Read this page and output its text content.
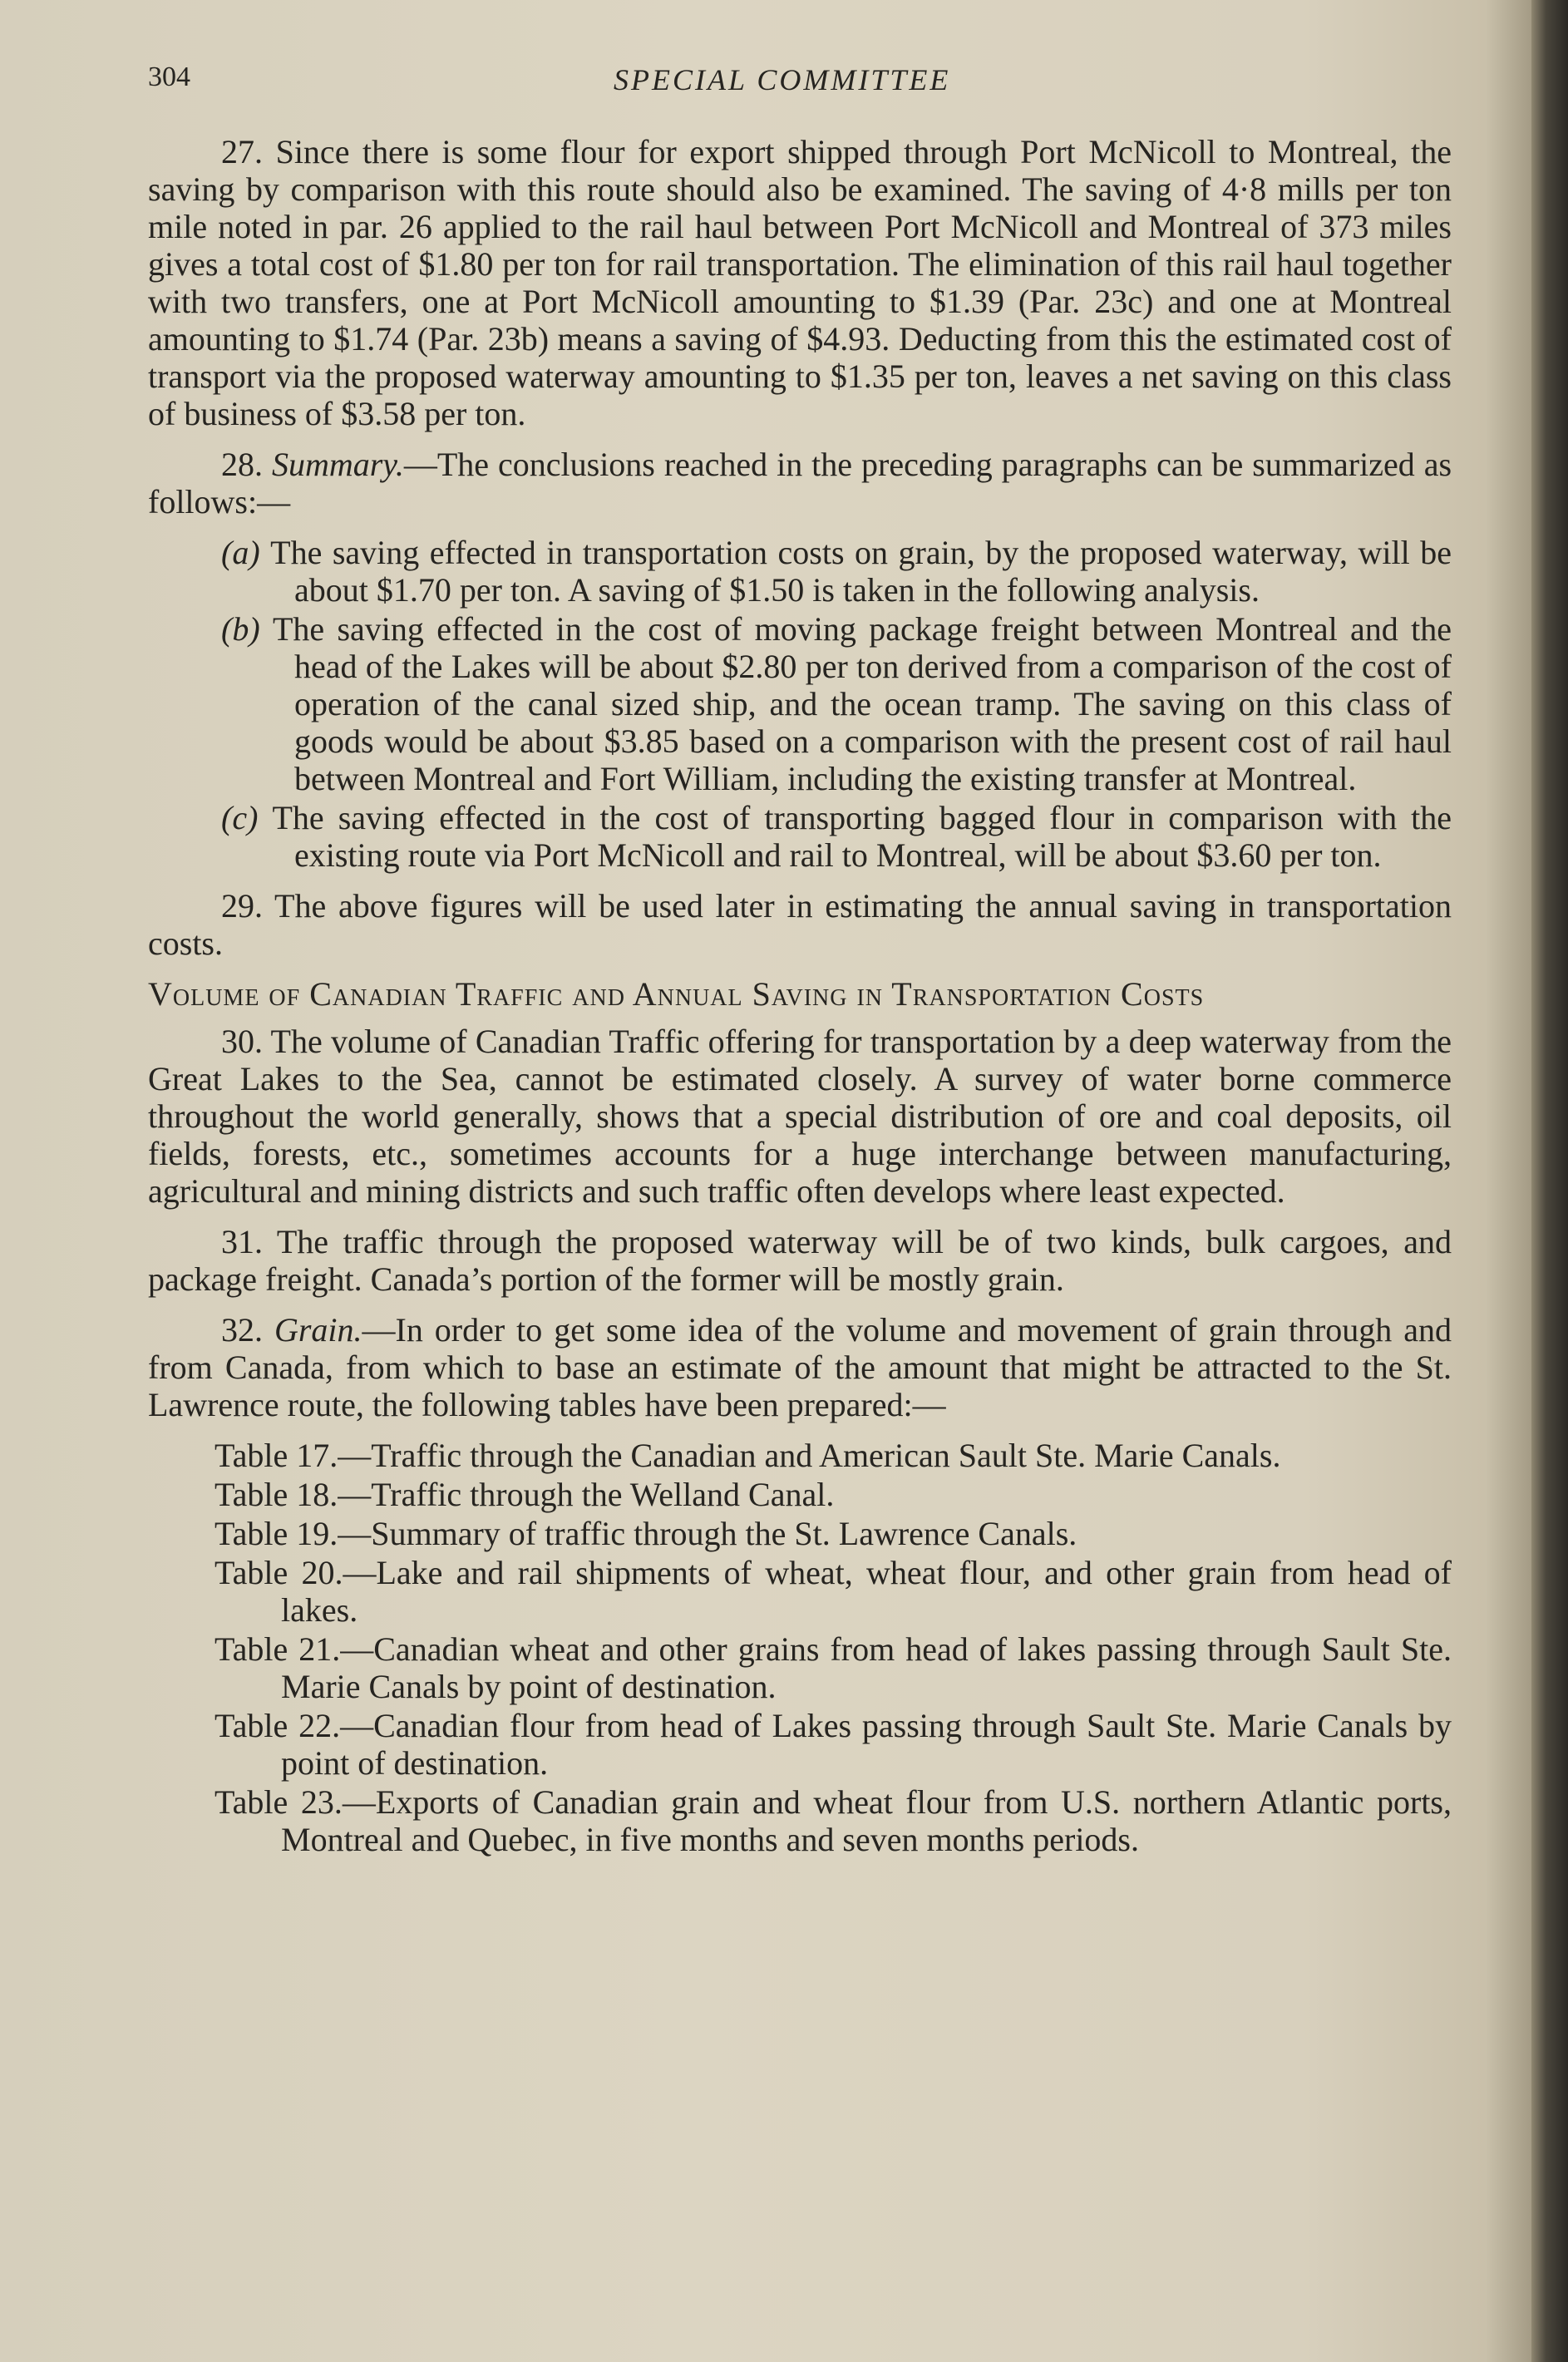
304	SPECIAL COMMITTEE

27. Since there is some flour for export shipped through Port McNicoll to Montreal, the saving by comparison with this route should also be examined. The saving of 4·8 mills per ton mile noted in par. 26 applied to the rail haul between Port McNicoll and Montreal of 373 miles gives a total cost of $1.80 per ton for rail transportation. The elimination of this rail haul together with two transfers, one at Port McNicoll amounting to $1.39 (Par. 23c) and one at Montreal amounting to $1.74 (Par. 23b) means a saving of $4.93. Deducting from this the estimated cost of transport via the proposed waterway amounting to $1.35 per ton, leaves a net saving on this class of business of $3.58 per ton.

28. Summary.—The conclusions reached in the preceding paragraphs can be summarized as follows:—

(a) The saving effected in transportation costs on grain, by the proposed waterway, will be about $1.70 per ton. A saving of $1.50 is taken in the following analysis.

(b) The saving effected in the cost of moving package freight between Montreal and the head of the Lakes will be about $2.80 per ton derived from a comparison of the cost of operation of the canal sized ship, and the ocean tramp. The saving on this class of goods would be about $3.85 based on a comparison with the present cost of rail haul between Montreal and Fort William, including the existing transfer at Montreal.

(c) The saving effected in the cost of transporting bagged flour in comparison with the existing route via Port McNicoll and rail to Montreal, will be about $3.60 per ton.

29. The above figures will be used later in estimating the annual saving in transportation costs.

Volume of Canadian Traffic and Annual Saving in Transportation Costs

30. The volume of Canadian Traffic offering for transportation by a deep waterway from the Great Lakes to the Sea, cannot be estimated closely. A survey of water borne commerce throughout the world generally, shows that a special distribution of ore and coal deposits, oil fields, forests, etc., sometimes accounts for a huge interchange between manufacturing, agricultural and mining districts and such traffic often develops where least expected.

31. The traffic through the proposed waterway will be of two kinds, bulk cargoes, and package freight. Canada’s portion of the former will be mostly grain.

32. Grain.—In order to get some idea of the volume and movement of grain through and from Canada, from which to base an estimate of the amount that might be attracted to the St. Lawrence route, the following tables have been prepared:—

Table 17.—Traffic through the Canadian and American Sault Ste. Marie Canals.

Table 18.—Traffic through the Welland Canal.

Table 19.—Summary of traffic through the St. Lawrence Canals.

Table 20.—Lake and rail shipments of wheat, wheat flour, and other grain from head of lakes.

Table 21.—Canadian wheat and other grains from head of lakes passing through Sault Ste. Marie Canals by point of destination.

Table 22.—Canadian flour from head of Lakes passing through Sault Ste. Marie Canals by point of destination.

Table 23.—Exports of Canadian grain and wheat flour from U.S. northern Atlantic ports, Montreal and Quebec, in five months and seven months periods.
